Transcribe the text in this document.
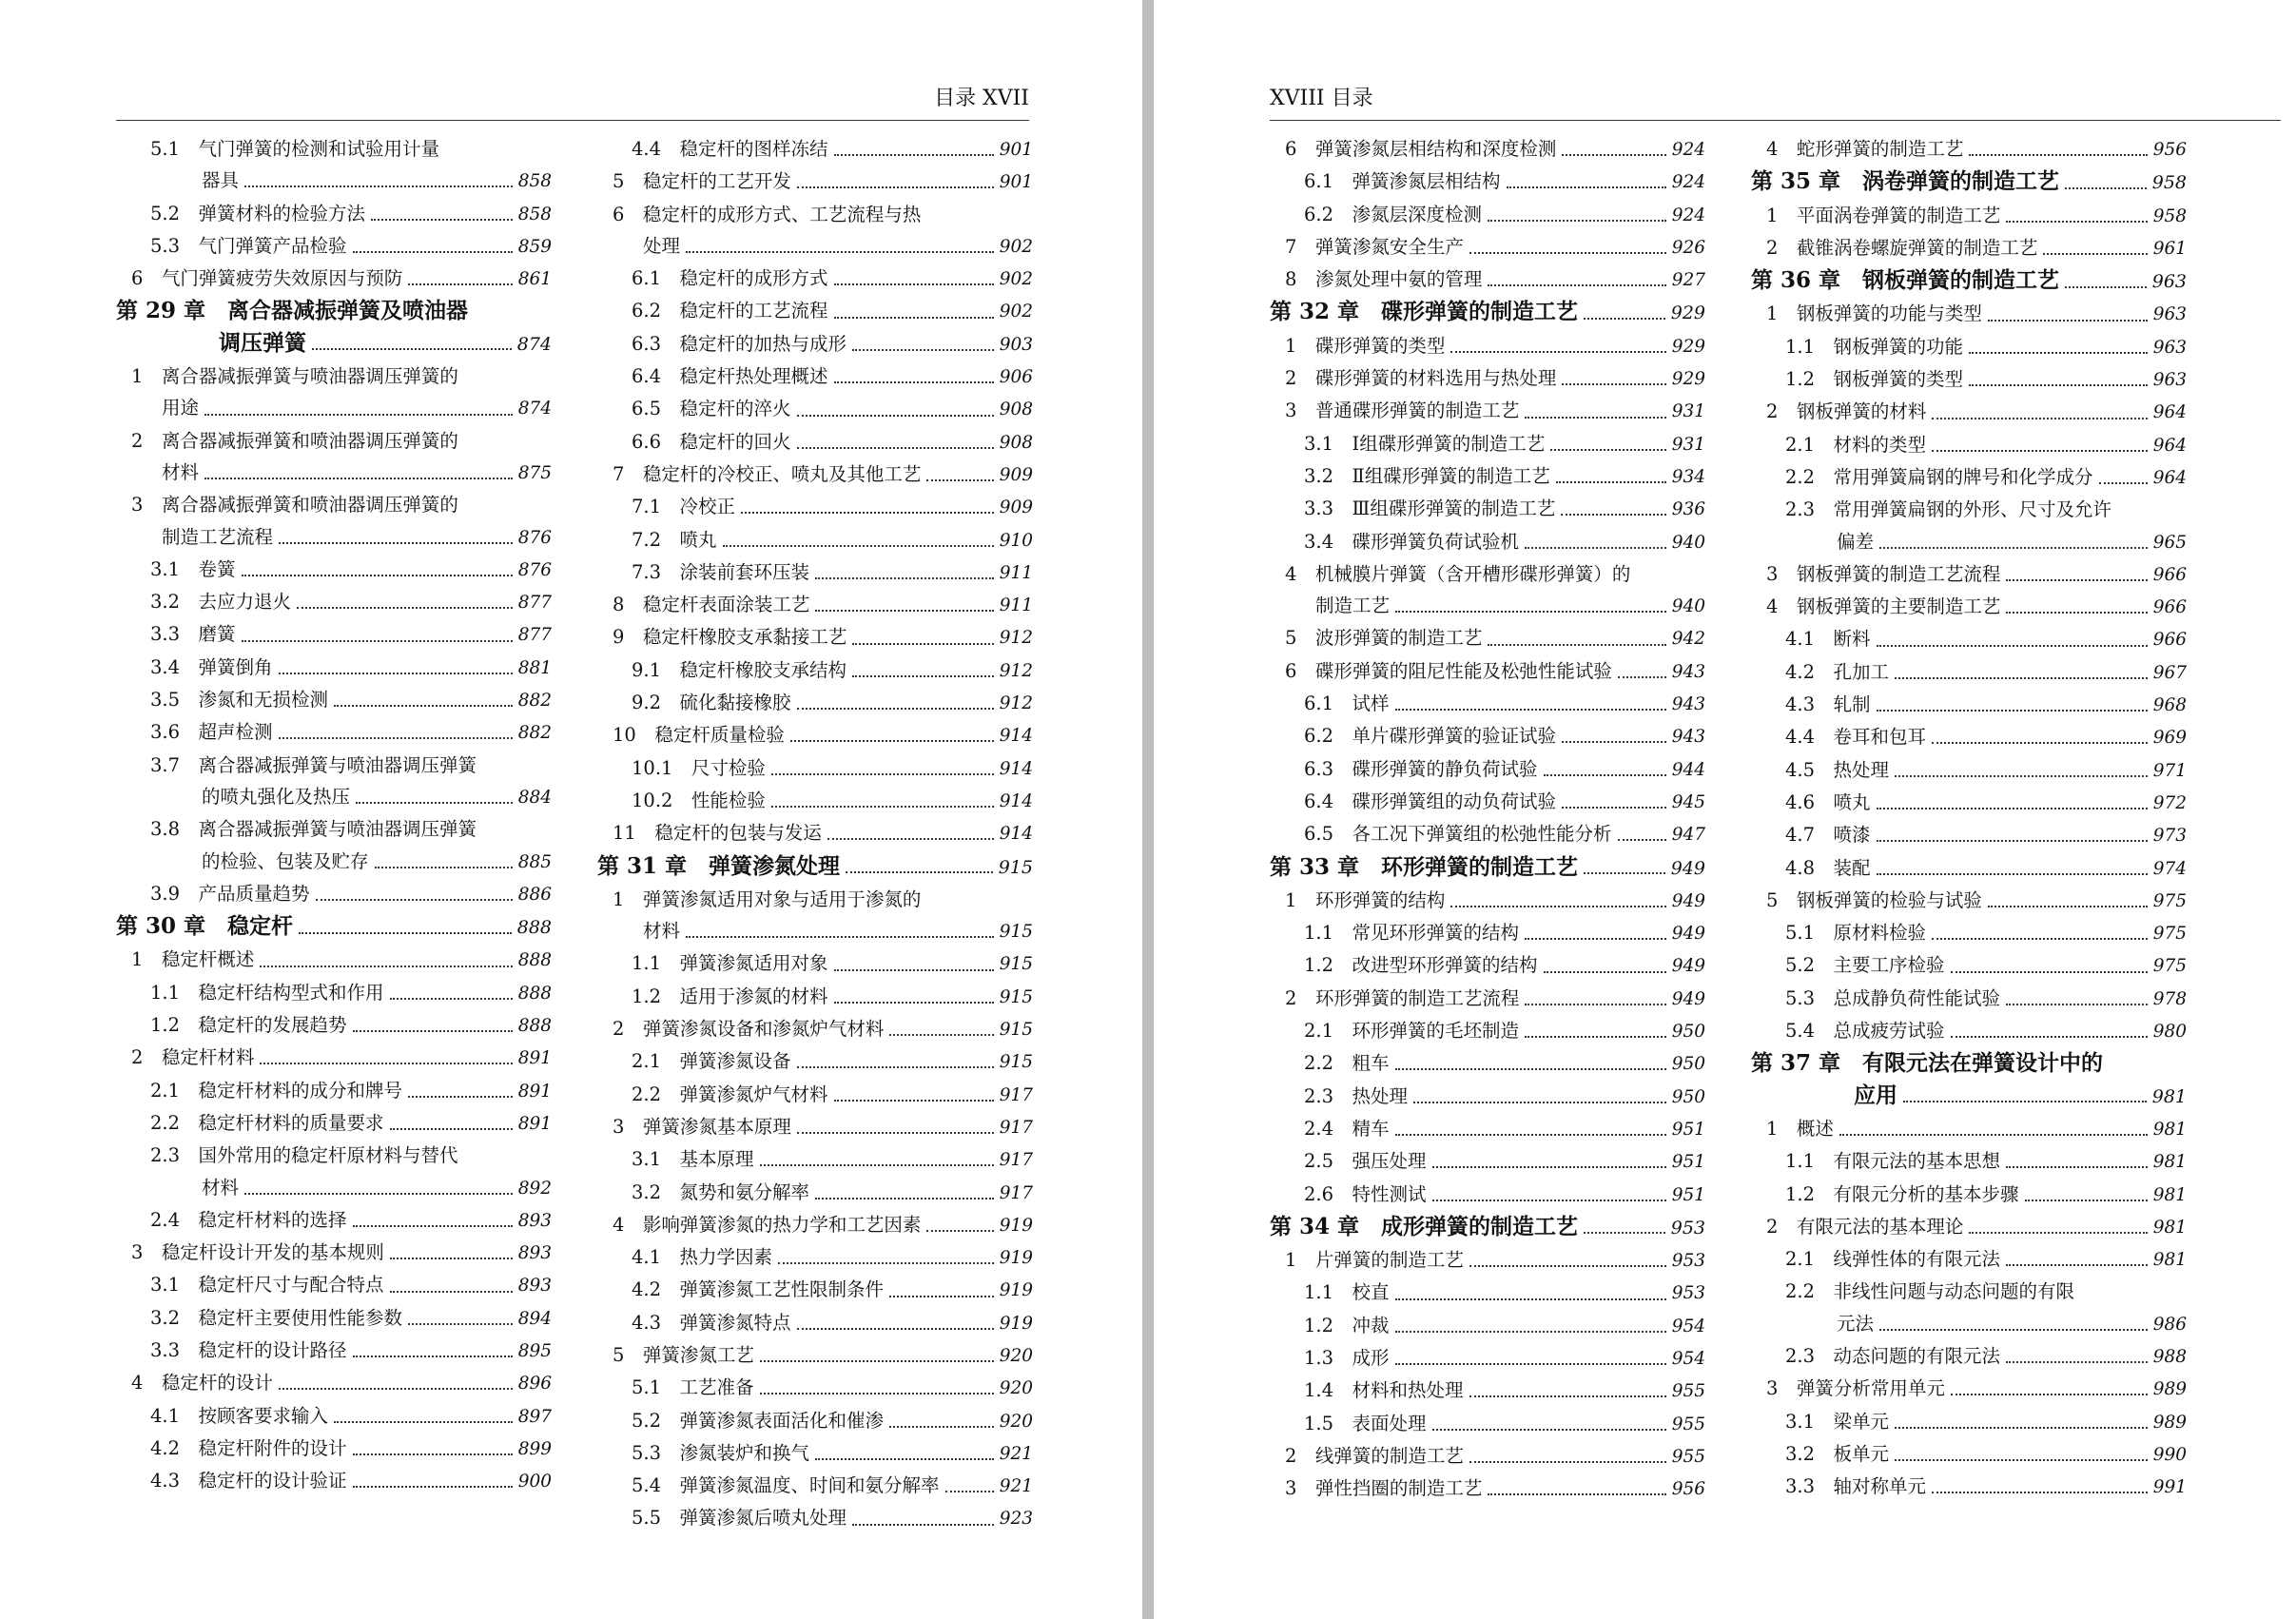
目录 XVII
5.1　气门弹簧的检测和试验用计量
器具	858
5.2　弹簧材料的检验方法	858
5.3　气门弹簧产品检验	859
6　气门弹簧疲劳失效原因与预防	861
第 29 章　离合器减振弹簧及喷油器
调压弹簧	874
1　离合器减振弹簧与喷油器调压弹簧的
用途	874
2　离合器减振弹簧和喷油器调压弹簧的
材料	875
3　离合器减振弹簧和喷油器调压弹簧的
制造工艺流程	876
3.1　卷簧	876
3.2　去应力退火	877
3.3　磨簧	877
3.4　弹簧倒角	881
3.5　渗氮和无损检测	882
3.6　超声检测	882
3.7　离合器减振弹簧与喷油器调压弹簧
的喷丸强化及热压	884
3.8　离合器减振弹簧与喷油器调压弹簧
的检验、包装及贮存	885
3.9　产品质量趋势	886
第 30 章　稳定杆	888
1　稳定杆概述	888
1.1　稳定杆结构型式和作用	888
1.2　稳定杆的发展趋势	888
2　稳定杆材料	891
2.1　稳定杆材料的成分和牌号	891
2.2　稳定杆材料的质量要求	891
2.3　国外常用的稳定杆原材料与替代
材料	892
2.4　稳定杆材料的选择	893
3　稳定杆设计开发的基本规则	893
3.1　稳定杆尺寸与配合特点	893
3.2　稳定杆主要使用性能参数	894
3.3　稳定杆的设计路径	895
4　稳定杆的设计	896
4.1　按顾客要求输入	897
4.2　稳定杆附件的设计	899
4.3　稳定杆的设计验证	900
4.4　稳定杆的图样冻结	901
5　稳定杆的工艺开发	901
6　稳定杆的成形方式、工艺流程与热
处理	902
6.1　稳定杆的成形方式	902
6.2　稳定杆的工艺流程	902
6.3　稳定杆的加热与成形	903
6.4　稳定杆热处理概述	906
6.5　稳定杆的淬火	908
6.6　稳定杆的回火	908
7　稳定杆的冷校正、喷丸及其他工艺	909
7.1　冷校正	909
7.2　喷丸	910
7.3　涂装前套环压装	911
8　稳定杆表面涂装工艺	911
9　稳定杆橡胶支承黏接工艺	912
9.1　稳定杆橡胶支承结构	912
9.2　硫化黏接橡胶	912
10　稳定杆质量检验	914
10.1　尺寸检验	914
10.2　性能检验	914
11　稳定杆的包装与发运	914
第 31 章　弹簧渗氮处理	915
1　弹簧渗氮适用对象与适用于渗氮的
材料	915
1.1　弹簧渗氮适用对象	915
1.2　适用于渗氮的材料	915
2　弹簧渗氮设备和渗氮炉气材料	915
2.1　弹簧渗氮设备	915
2.2　弹簧渗氮炉气材料	917
3　弹簧渗氮基本原理	917
3.1　基本原理	917
3.2　氮势和氨分解率	917
4　影响弹簧渗氮的热力学和工艺因素	919
4.1　热力学因素	919
4.2　弹簧渗氮工艺性限制条件	919
4.3　弹簧渗氮特点	919
5　弹簧渗氮工艺	920
5.1　工艺准备	920
5.2　弹簧渗氮表面活化和催渗	920
5.3　渗氮装炉和换气	921
5.4　弹簧渗氮温度、时间和氨分解率	921
5.5　弹簧渗氮后喷丸处理	923
XVIII 目录
6　弹簧渗氮层相结构和深度检测	924
6.1　弹簧渗氮层相结构	924
6.2　渗氮层深度检测	924
7　弹簧渗氮安全生产	926
8　渗氮处理中氨的管理	927
第 32 章　碟形弹簧的制造工艺	929
1　碟形弹簧的类型	929
2　碟形弹簧的材料选用与热处理	929
3　普通碟形弹簧的制造工艺	931
3.1　Ⅰ组碟形弹簧的制造工艺	931
3.2　Ⅱ组碟形弹簧的制造工艺	934
3.3　Ⅲ组碟形弹簧的制造工艺	936
3.4　碟形弹簧负荷试验机	940
4　机械膜片弹簧（含开槽形碟形弹簧）的
制造工艺	940
5　波形弹簧的制造工艺	942
6　碟形弹簧的阻尼性能及松弛性能试验	943
6.1　试样	943
6.2　单片碟形弹簧的验证试验	943
6.3　碟形弹簧的静负荷试验	944
6.4　碟形弹簧组的动负荷试验	945
6.5　各工况下弹簧组的松弛性能分析	947
第 33 章　环形弹簧的制造工艺	949
1　环形弹簧的结构	949
1.1　常见环形弹簧的结构	949
1.2　改进型环形弹簧的结构	949
2　环形弹簧的制造工艺流程	949
2.1　环形弹簧的毛坯制造	950
2.2　粗车	950
2.3　热处理	950
2.4　精车	951
2.5　强压处理	951
2.6　特性测试	951
第 34 章　成形弹簧的制造工艺	953
1　片弹簧的制造工艺	953
1.1　校直	953
1.2　冲裁	954
1.3　成形	954
1.4　材料和热处理	955
1.5　表面处理	955
2　线弹簧的制造工艺	955
3　弹性挡圈的制造工艺	956
4　蛇形弹簧的制造工艺	956
第 35 章　涡卷弹簧的制造工艺	958
1　平面涡卷弹簧的制造工艺	958
2　截锥涡卷螺旋弹簧的制造工艺	961
第 36 章　钢板弹簧的制造工艺	963
1　钢板弹簧的功能与类型	963
1.1　钢板弹簧的功能	963
1.2　钢板弹簧的类型	963
2　钢板弹簧的材料	964
2.1　材料的类型	964
2.2　常用弹簧扁钢的牌号和化学成分	964
2.3　常用弹簧扁钢的外形、尺寸及允许
偏差	965
3　钢板弹簧的制造工艺流程	966
4　钢板弹簧的主要制造工艺	966
4.1　断料	966
4.2　孔加工	967
4.3　轧制	968
4.4　卷耳和包耳	969
4.5　热处理	971
4.6　喷丸	972
4.7　喷漆	973
4.8　装配	974
5　钢板弹簧的检验与试验	975
5.1　原材料检验	975
5.2　主要工序检验	975
5.3　总成静负荷性能试验	978
5.4　总成疲劳试验	980
第 37 章　有限元法在弹簧设计中的
应用	981
1　概述	981
1.1　有限元法的基本思想	981
1.2　有限元分析的基本步骤	981
2　有限元法的基本理论	981
2.1　线弹性体的有限元法	981
2.2　非线性问题与动态问题的有限
元法	986
2.3　动态问题的有限元法	988
3　弹簧分析常用单元	989
3.1　梁单元	989
3.2　板单元	990
3.3　轴对称单元	991
